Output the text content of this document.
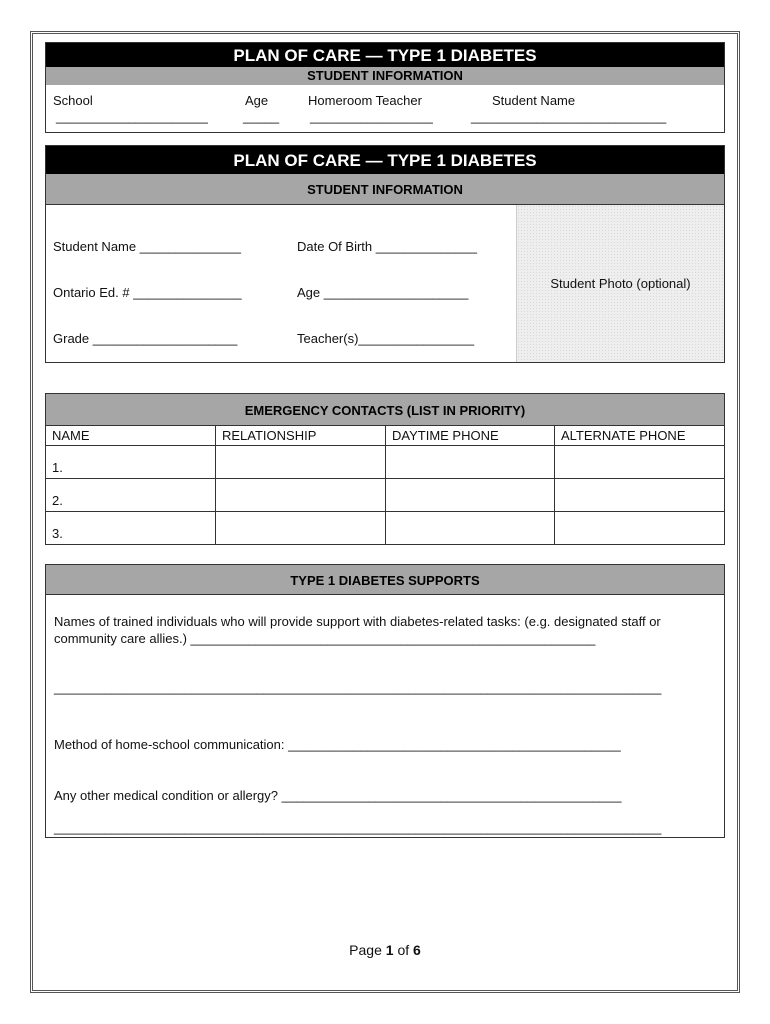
PLAN OF CARE — TYPE 1 DIABETES
STUDENT INFORMATION
School
_____________________
Age
_____
Homeroom Teacher
_________________
Student Name
___________________________
PLAN OF CARE — TYPE 1 DIABETES
STUDENT INFORMATION
Student Name ______________	Date Of Birth ______________
Ontario Ed. # _______________	Age ____________________
Grade ____________________	Teacher(s)________________
Student Photo (optional)
EMERGENCY CONTACTS (LIST IN PRIORITY)
NAME	RELATIONSHIP	DAYTIME PHONE	ALTERNATE PHONE
1.			
2.			
3.			
TYPE 1 DIABETES SUPPORTS
Names of trained individuals who will provide support with diabetes-related tasks: (e.g. designated staff or
community care allies.) ________________________________________________________
____________________________________________________________________________________
Method of home-school communication: ______________________________________________
Any other medical condition or allergy? _______________________________________________
____________________________________________________________________________________
Page 1 of 6
